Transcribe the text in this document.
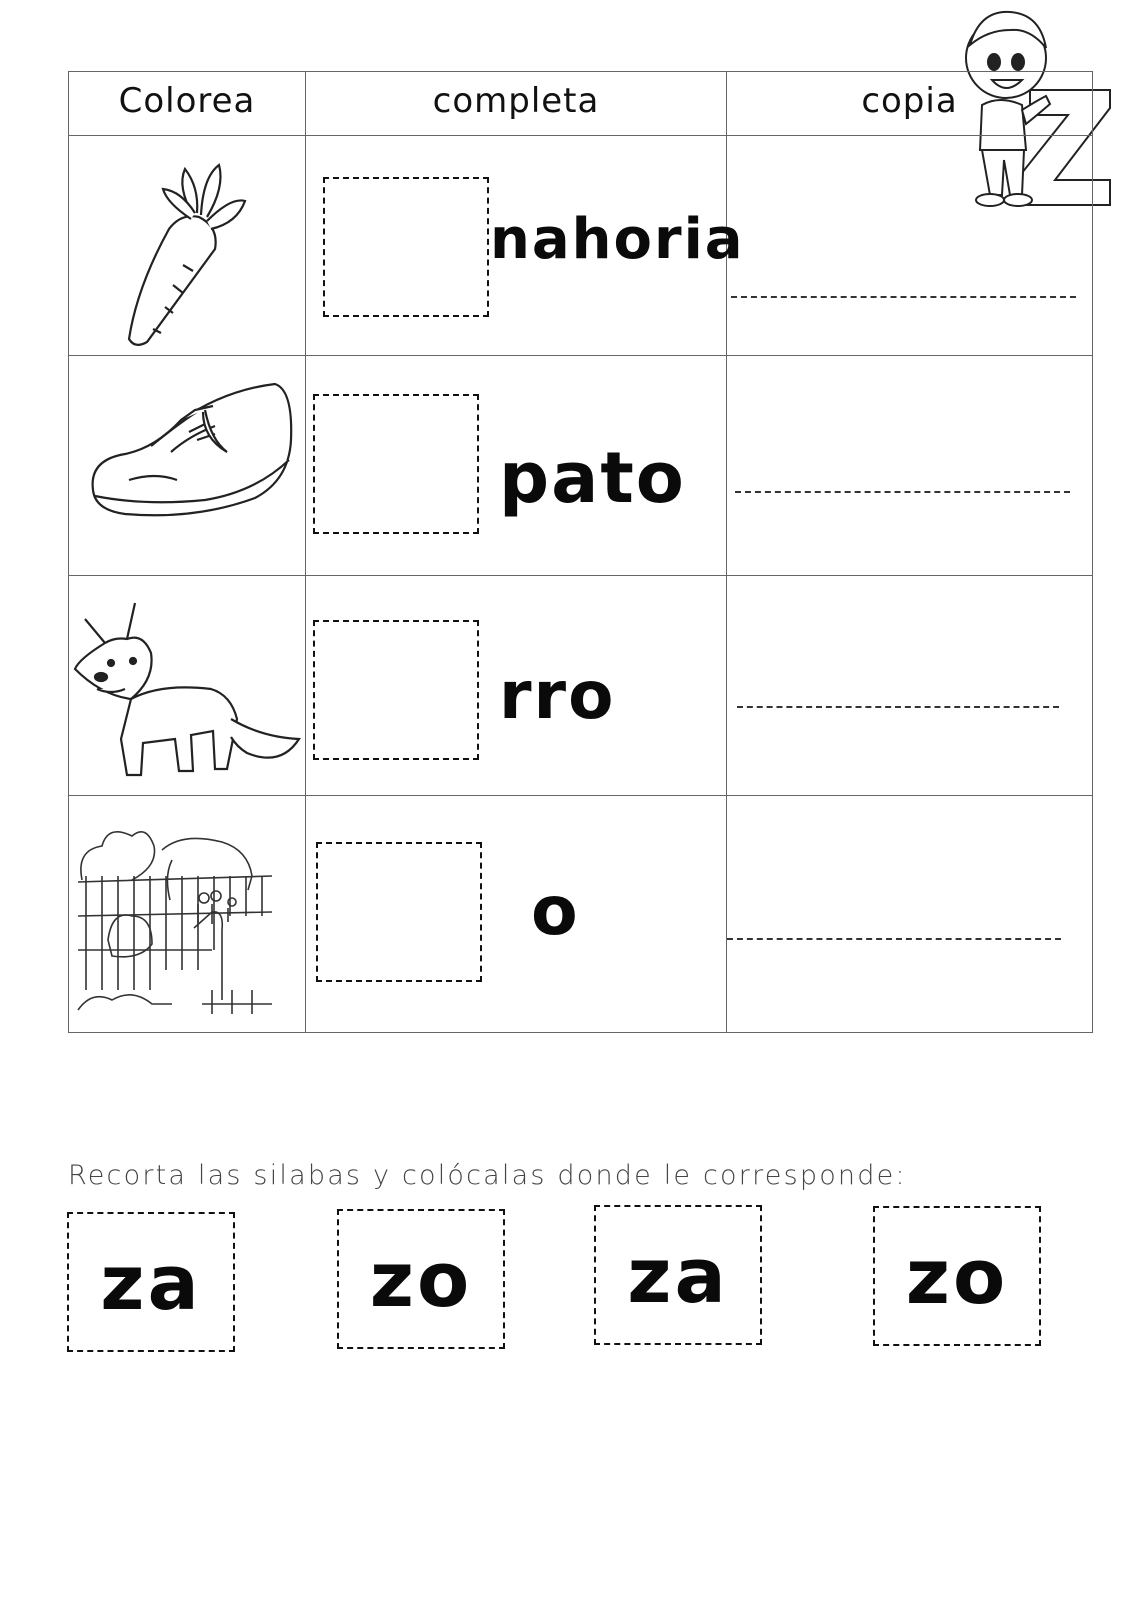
Colorea	completa	copia
nahoria
pato
rro
o
Recorta las silabas y colócalas donde le corresponde:
za zo za zo
